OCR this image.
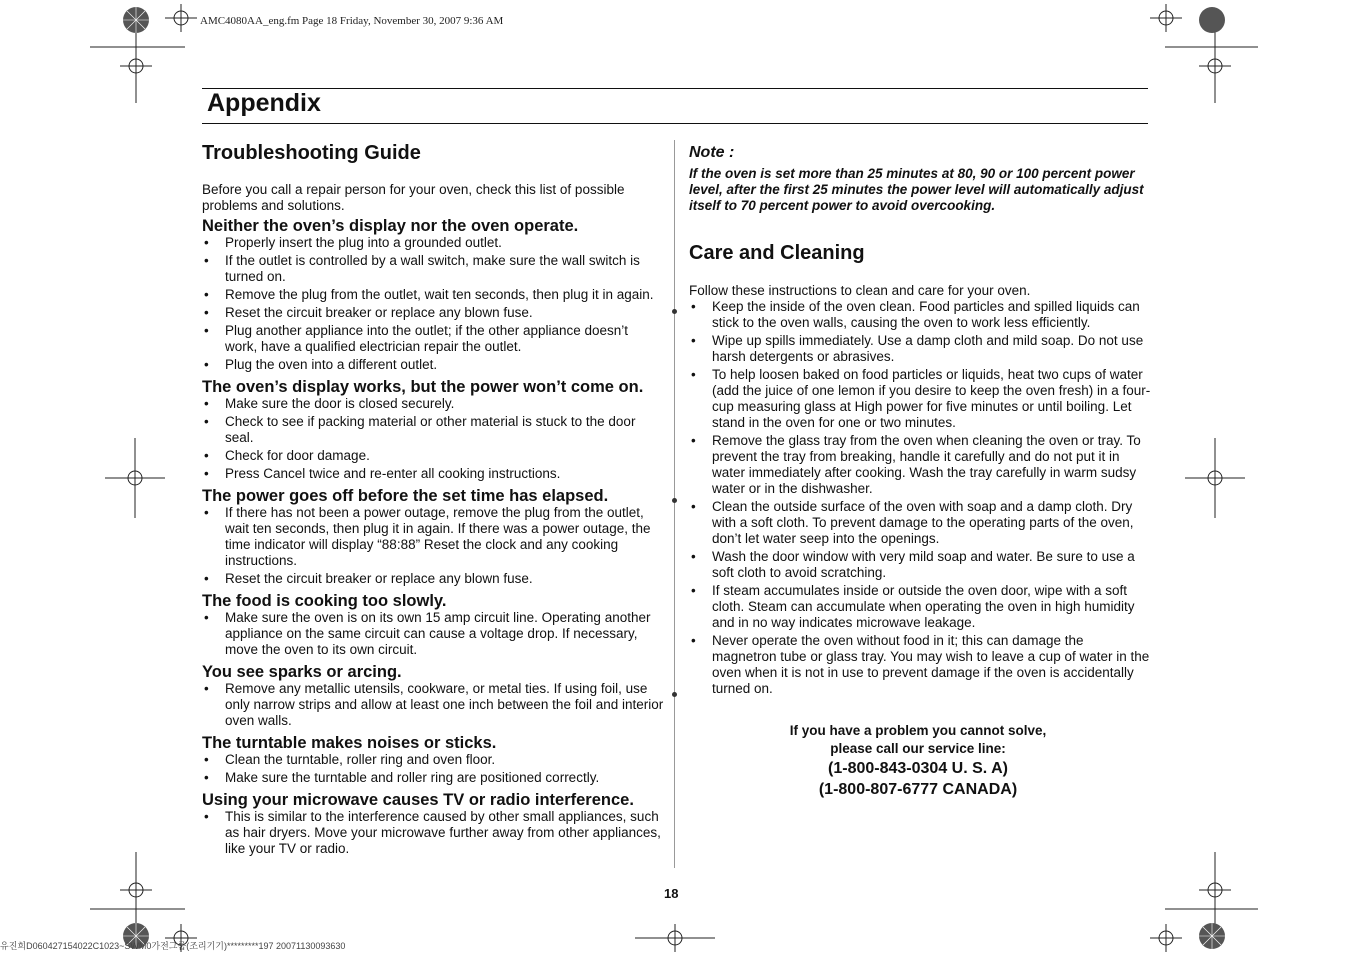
AMC4080AA_eng.fm Page 18 Friday, November 30, 2007 9:36 AM
유진희D060427154022C1023~SWM0가전그룹(조리기기)*********197 20071130093630
Appendix
Troubleshooting Guide
Before you call a repair person for your oven, check this list of possible problems and solutions.
Neither the oven’s display nor the oven operate.
• Properly insert the plug into a grounded outlet.
• If the outlet is controlled by a wall switch, make sure the wall switch is turned on.
• Remove the plug from the outlet, wait ten seconds, then plug it in again.
• Reset the circuit breaker or replace any blown fuse.
• Plug another appliance into the outlet; if the other appliance doesn’t work, have a qualified electrician repair the outlet.
• Plug the oven into a different outlet.
The oven’s display works, but the power won’t come on.
• Make sure the door is closed securely.
• Check to see if packing material or other material is stuck to the door seal.
• Check for door damage.
• Press Cancel twice and re-enter all cooking instructions.
The power goes off before the set time has elapsed.
• If there has not been a power outage, remove the plug from the outlet, wait ten seconds, then plug it in again. If there was a power outage, the time indicator will display “88:88” Reset the clock and any cooking instructions.
• Reset the circuit breaker or replace any blown fuse.
The food is cooking too slowly.
• Make sure the oven is on its own 15 amp circuit line. Operating another appliance on the same circuit can cause a voltage drop. If necessary, move the oven to its own circuit.
You see sparks or arcing.
• Remove any metallic utensils, cookware, or metal ties. If using foil, use only narrow strips and allow at least one inch between the foil and interior oven walls.
The turntable makes noises or sticks.
• Clean the turntable, roller ring and oven floor.
• Make sure the turntable and roller ring are positioned correctly.
Using your microwave causes TV or radio interference.
• This is similar to the interference caused by other small appliances, such as hair dryers. Move your microwave further away from other appliances, like your TV or radio.
Note :
If the oven is set more than 25 minutes at 80, 90 or 100 percent power level, after the first 25 minutes the power level will automatically adjust itself to 70 percent power to avoid overcooking.
Care and Cleaning
Follow these instructions to clean and care for your oven.
• Keep the inside of the oven clean. Food particles and spilled liquids can stick to the oven walls, causing the oven to work less efficiently.
• Wipe up spills immediately. Use a damp cloth and mild soap. Do not use harsh detergents or abrasives.
• To help loosen baked on food particles or liquids, heat two cups of water (add the juice of one lemon if you desire to keep the oven fresh) in a four-cup measuring glass at High power for five minutes or until boiling. Let stand in the oven for one or two minutes.
• Remove the glass tray from the oven when cleaning the oven or tray. To prevent the tray from breaking, handle it carefully and do not put it in water immediately after cooking. Wash the tray carefully in warm sudsy water or in the dishwasher.
• Clean the outside surface of the oven with soap and a damp cloth. Dry with a soft cloth. To prevent damage to the operating parts of the oven, don’t let water seep into the openings.
• Wash the door window with very mild soap and water. Be sure to use a soft cloth to avoid scratching.
• If steam accumulates inside or outside the oven door, wipe with a soft cloth. Steam can accumulate when operating the oven in high humidity and in no way indicates microwave leakage.
• Never operate the oven without food in it; this can damage the magnetron tube or glass tray. You may wish to leave a cup of water in the oven when it is not in use to prevent damage if the oven is accidentally turned on.
If you have a problem you cannot solve,
please call our service line:
(1-800-843-0304 U. S. A)
(1-800-807-6777 CANADA)
18
